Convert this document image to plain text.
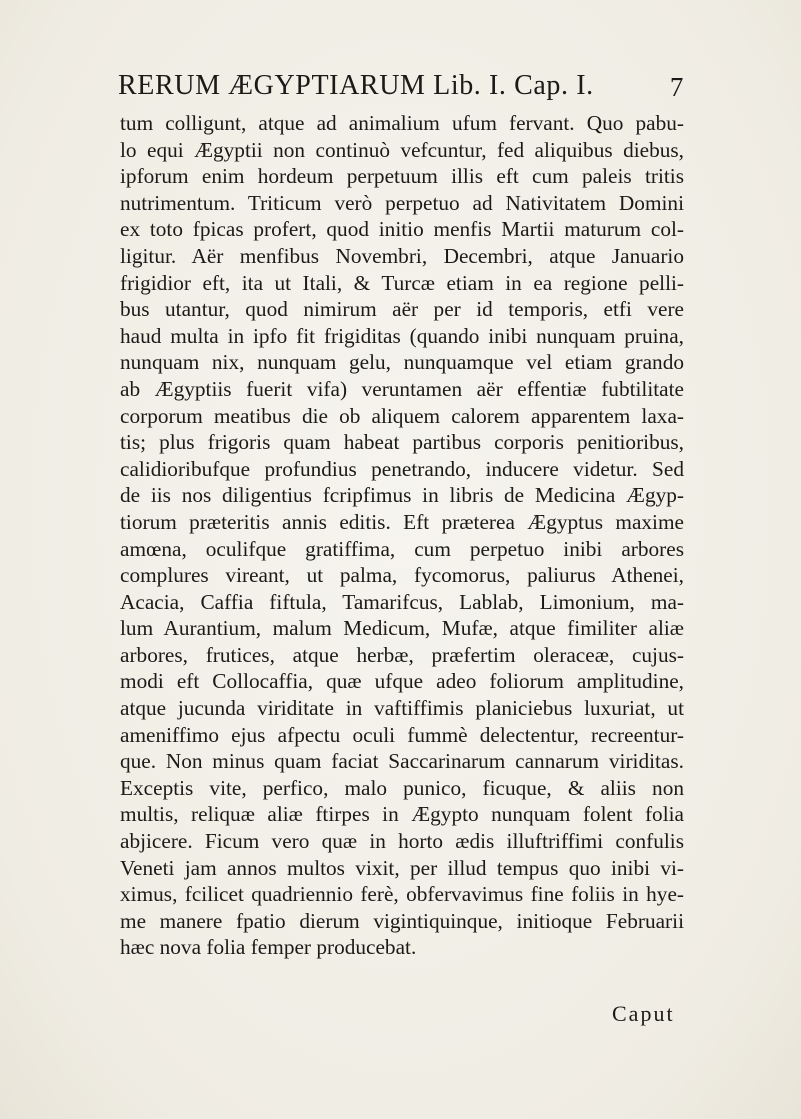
RERUM ÆGYPTIARUM Lib. I. Cap. I.	7
tum colligunt, atque ad animalium ufum fervant. Quo pabu-
lo equi Ægyptii non continuò vefcuntur, fed aliquibus diebus,
ipforum enim hordeum perpetuum illis eft cum paleis tritis
nutrimentum. Triticum verò perpetuo ad Nativitatem Domini
ex toto fpicas profert, quod initio menfis Martii maturum col-
ligitur. Aër menfibus Novembri, Decembri, atque Januario
frigidior eft, ita ut Itali, & Turcæ etiam in ea regione pelli-
bus utantur, quod nimirum aër per id temporis, etfi vere
haud multa in ipfo fit frigiditas (quando inibi nunquam pruina,
nunquam nix, nunquam gelu, nunquamque vel etiam grando
ab Ægyptiis fuerit vifa) veruntamen aër effentiæ fubtilitate
corporum meatibus die ob aliquem calorem apparentem laxa-
tis; plus frigoris quam habeat partibus corporis penitioribus,
calidioribufque profundius penetrando, inducere videtur. Sed
de iis nos diligentius fcripfimus in libris de Medicina Ægyp-
tiorum præteritis annis editis. Eft præterea Ægyptus maxime
amœna, oculifque gratiffima, cum perpetuo inibi arbores
complures vireant, ut palma, fycomorus, paliurus Athenei,
Acacia, Caffia fiftula, Tamarifcus, Lablab, Limonium, ma-
lum Aurantium, malum Medicum, Mufæ, atque fimiliter aliæ
arbores, frutices, atque herbæ, præfertim oleraceæ, cujus-
modi eft Collocaffia, quæ ufque adeo foliorum amplitudine,
atque jucunda viriditate in vaftiffimis planiciebus luxuriat, ut
ameniffimo ejus afpectu oculi fummè delectentur, recreentur-
que. Non minus quam faciat Saccarinarum cannarum viriditas.
Exceptis vite, perfico, malo punico, ficuque, & aliis non
multis, reliquæ aliæ ftirpes in Ægypto nunquam folent folia
abjicere. Ficum vero quæ in horto ædis illuftriffimi confulis
Veneti jam annos multos vixit, per illud tempus quo inibi vi-
ximus, fcilicet quadriennio ferè, obfervavimus fine foliis in hye-
me manere fpatio dierum vigintiquinque, initioque Februarii
hæc nova folia femper producebat.
Caput
